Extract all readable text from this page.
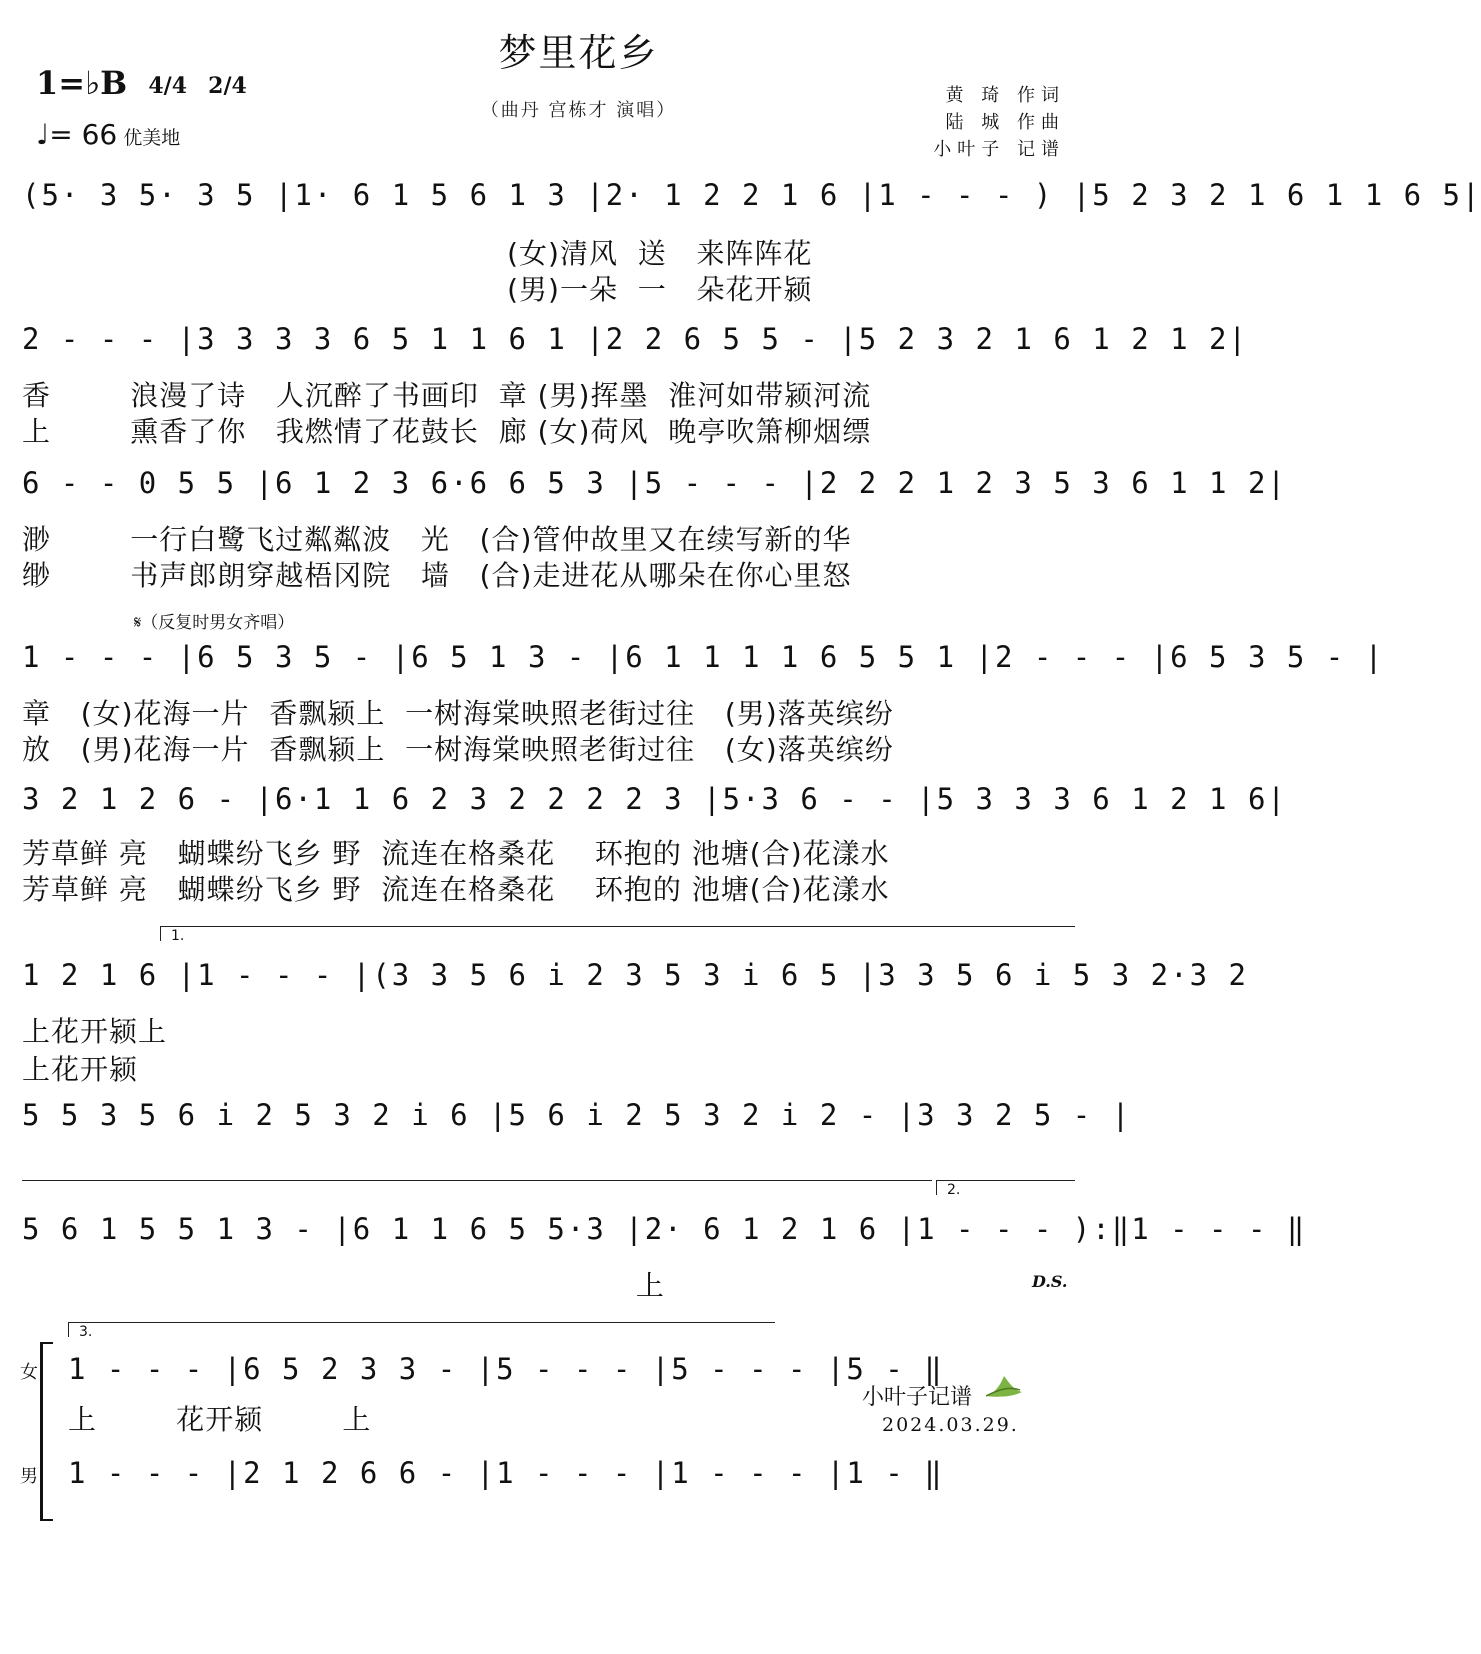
梦里花乡
（曲丹 宫栋才 演唱）
1=♭B 4/4
2/4
♩= 66 优美地
黄 琦 作词
陆 城 作曲
小叶子 记谱
(5· 3 5· 3 5 |1· 6 1 5 6 1 3 |2· 1 2 2 1 6 |1 - - - ) |5 2 3 2 1 6 1 1 6 5|
(女)清风  送   来阵阵花
(男)一朵  一   朵花开颍
2 - - - |3 3 3 3 6 5 1 1 6 1 |2 2 6 5 5 - |5 2 3 2 1 6 1 2 1 2|
香        浪漫了诗   人沉醉了书画印  章 (男)挥墨  淮河如带颍河流
上        熏香了你   我燃情了花鼓长  廊 (女)荷风  晚亭吹箫柳烟缥
6 - - 0 5 5 |6 1 2 3 6·6 6 5 3 |5 - - - |2 2 2 1 2 3 5 3 6 1 1 2|
渺        一行白鹭飞过粼粼波   光   (合)管仲故里又在续写新的华
缈        书声郎朗穿越梧冈院   墙   (合)走进花从哪朵在你心里怒
𝄋（反复时男女齐唱）
1 - - - |6 5 3 5 - |6 5 1 3 - |6 1 1 1 1 6 5 5 1 |2 - - - |6 5 3 5 - |
章   (女)花海一片  香飘颍上  一树海棠映照老街过往   (男)落英缤纷
放   (男)花海一片  香飘颍上  一树海棠映照老街过往   (女)落英缤纷
3 2 1 2 6 - |6·1 1 6 2 3 2 2 2 2 3 |5·3 6 - - |5 3 3 3 6 1 2 1 6|
芳草鲜 亮   蝴蝶纷飞乡 野  流连在格桑花    环抱的 池塘(合)花漾水
芳草鲜 亮   蝴蝶纷飞乡 野  流连在格桑花    环抱的 池塘(合)花漾水
1.
1 2 1 6 |1 - - - |(3 3 5 6 i 2 3 5 3 i 6 5 |3 3 5 6 i 5 3 2·3 2
上花开颍上
上花开颍
5 5 3 5 6 i 2 5 3 2 i 6 |5 6 i 2 5 3 2 i 2 - |3 3 2 5 - |
2.
5 6 1 5 5 1 3 - |6 1 1 6 5 5·3 |2· 6 1 2 1 6 |1 - - - ):‖1 - - - ‖
上	D.S.
3.
女 1 - - - |6 5 2 3 3 - |5 - - - |5 - - - |5 - ‖
上        花开颍        上
男 1 - - - |2 1 2 6 6 - |1 - - - |1 - - - |1 - ‖
小叶子记谱
2024.03.29.
